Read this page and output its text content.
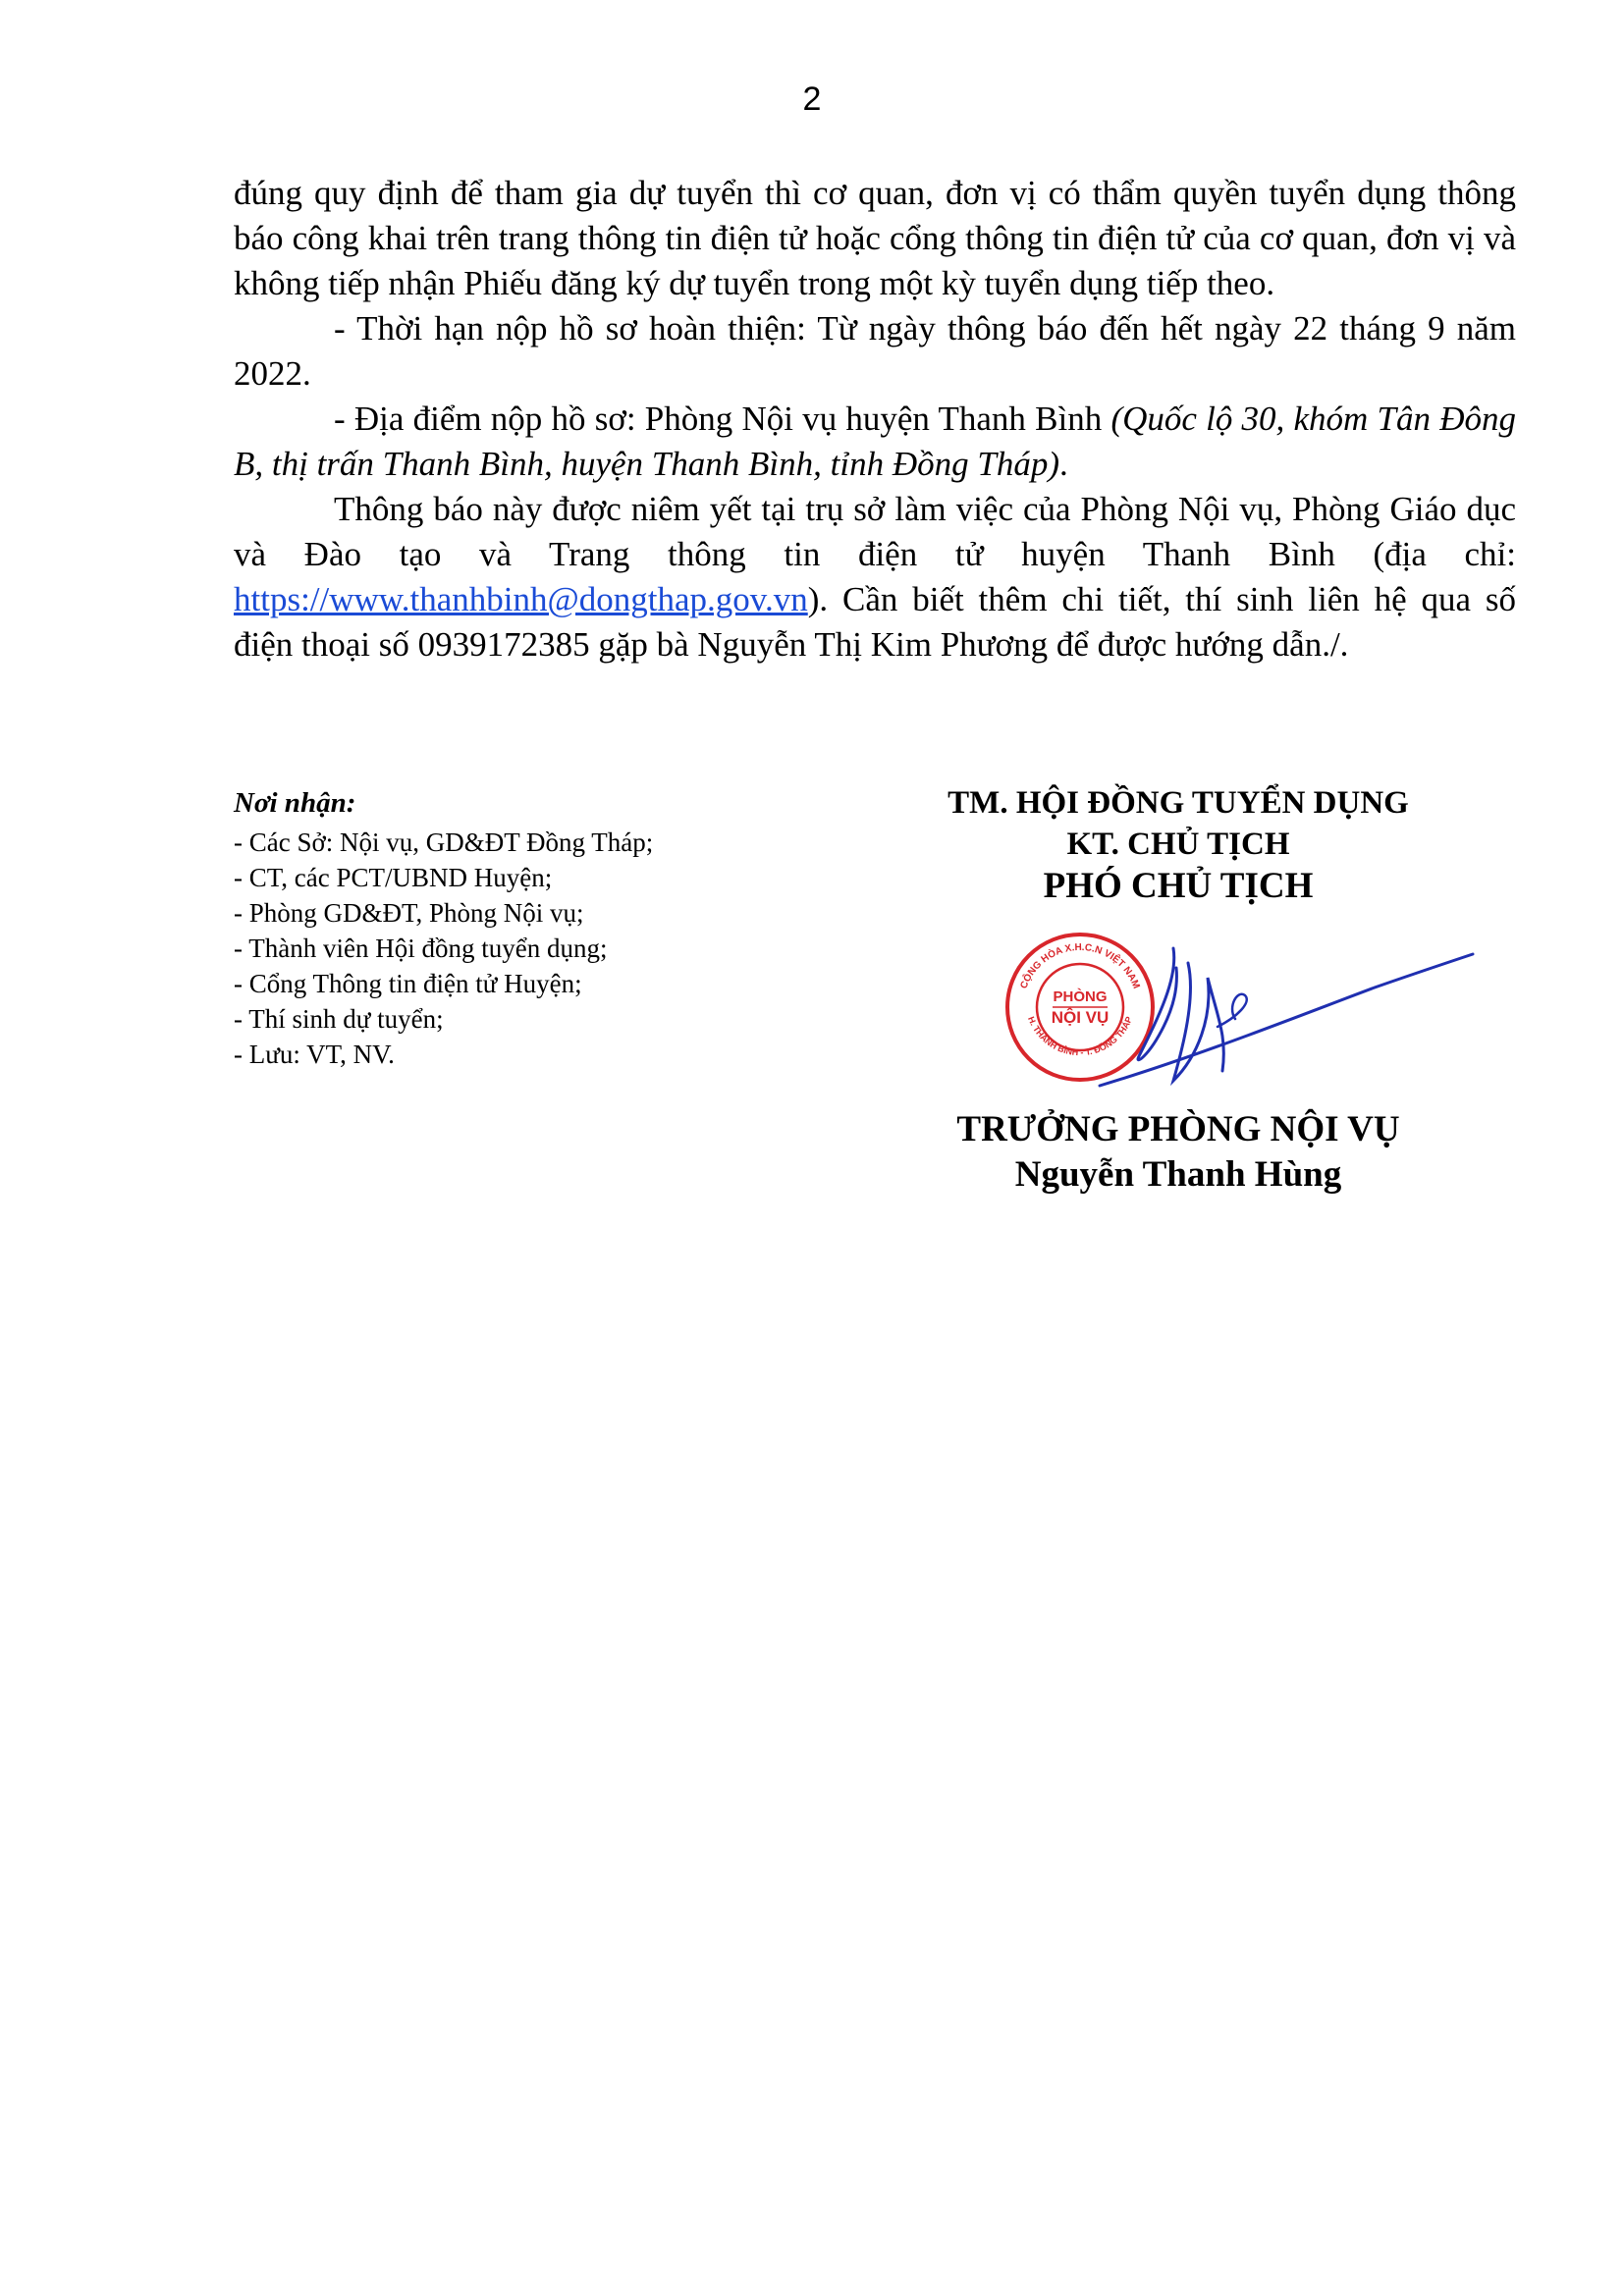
2

đúng quy định để tham gia dự tuyển thì cơ quan, đơn vị có thẩm quyền tuyển dụng thông báo công khai trên trang thông tin điện tử hoặc cổng thông tin điện tử của cơ quan, đơn vị và không tiếp nhận Phiếu đăng ký dự tuyển trong một kỳ tuyển dụng tiếp theo.

- Thời hạn nộp hồ sơ hoàn thiện: Từ ngày thông báo đến hết ngày 22 tháng 9 năm 2022.

- Địa điểm nộp hồ sơ: Phòng Nội vụ huyện Thanh Bình (Quốc lộ 30, khóm Tân Đông B, thị trấn Thanh Bình, huyện Thanh Bình, tỉnh Đồng Tháp).

Thông báo này được niêm yết tại trụ sở làm việc của Phòng Nội vụ, Phòng Giáo dục và Đào tạo và Trang thông tin điện tử huyện Thanh Bình (địa chỉ: https://www.thanhbinh@dongthap.gov.vn). Cần biết thêm chi tiết, thí sinh liên hệ qua số điện thoại số 0939172385 gặp bà Nguyễn Thị Kim Phương để được hướng dẫn./.

Nơi nhận:
- Các Sở: Nội vụ, GD&ĐT Đồng Tháp;
- CT, các PCT/UBND Huyện;
- Phòng GD&ĐT, Phòng Nội vụ;
- Thành viên Hội đồng tuyển dụng;
- Cổng Thông tin điện tử Huyện;
- Thí sinh dự tuyển;
- Lưu: VT, NV.
TM. HỘI ĐỒNG TUYỂN DỤNG
KT. CHỦ TỊCH
PHÓ CHỦ TỊCH
CỘNG HÒA X.H.C.N VIỆT NAM
H. THANH BÌNH - T. ĐỒNG THÁP
PHÒNG
NỘI VỤ
TRƯỞNG PHÒNG NỘI VỤ
Nguyễn Thanh Hùng
